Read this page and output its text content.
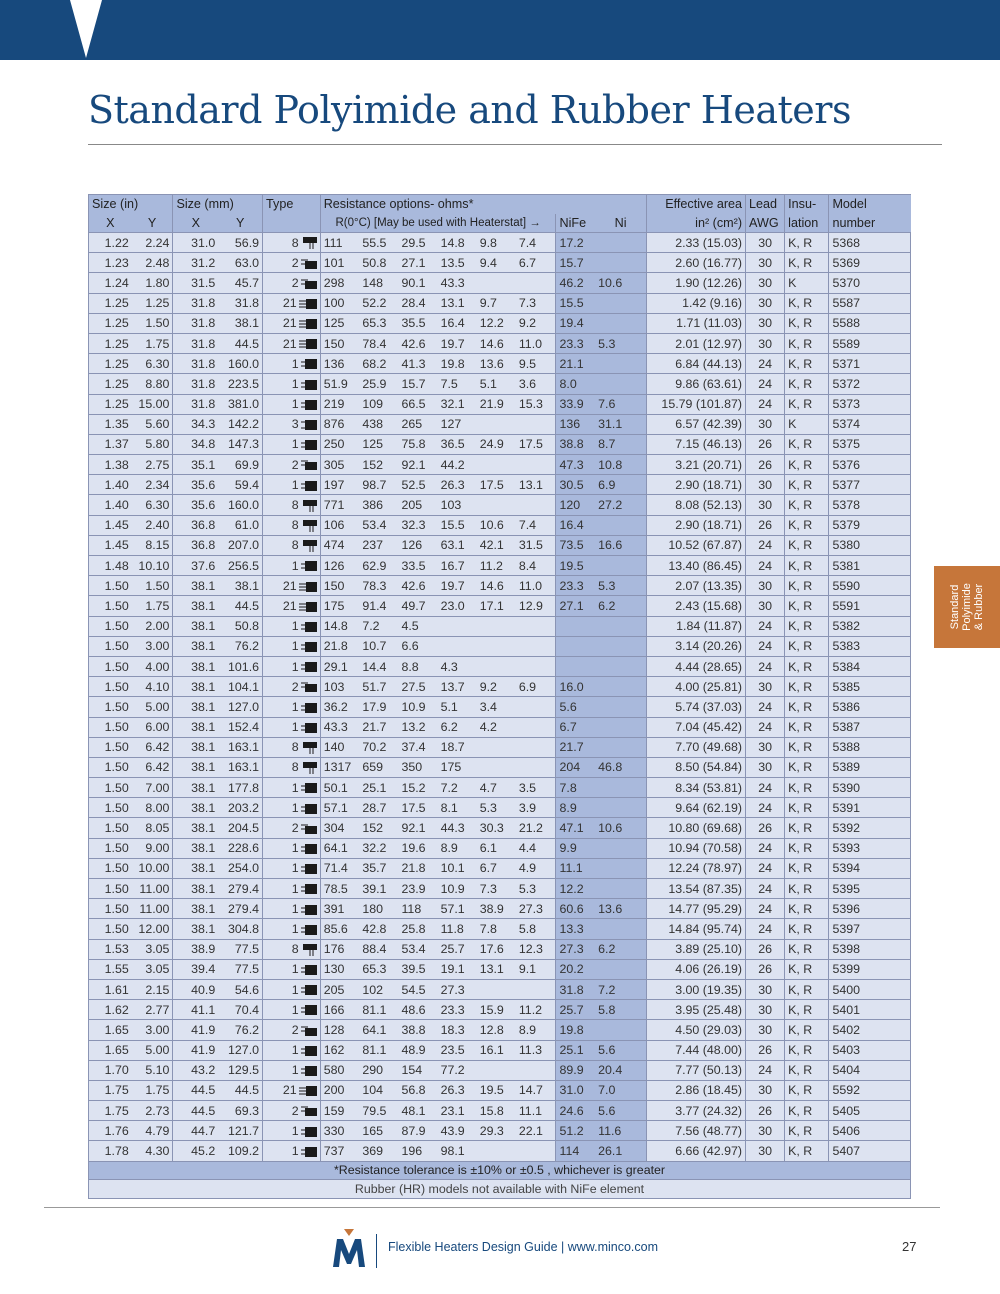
Standard Polyimide and Rubber Heaters
Standard Polyimide & Rubber
Size (in)		Size (mm)		Type	Resistance options- ohms*								Effective area	Lead	Insu-	Model
X	Y	X	Y		R(0°C) [May be used with Heaterstat] →						NiFe	Ni	in² (cm²)	AWG	lation	number
1.22	2.24	31.0	56.9	8	111	55.5	29.5	14.8	9.8	7.4	17.2		2.33 (15.03)	30	K, R	5368
1.23	2.48	31.2	63.0	2	101	50.8	27.1	13.5	9.4	6.7	15.7		2.60 (16.77)	30	K, R	5369
1.24	1.80	31.5	45.7	2	298	148	90.1	43.3			46.2	10.6	1.90 (12.26)	30	K	5370
1.25	1.25	31.8	31.8	21	100	52.2	28.4	13.1	9.7	7.3	15.5		1.42 (9.16)	30	K, R	5587
1.25	1.50	31.8	38.1	21	125	65.3	35.5	16.4	12.2	9.2	19.4		1.71 (11.03)	30	K, R	5588
1.25	1.75	31.8	44.5	21	150	78.4	42.6	19.7	14.6	11.0	23.3	5.3	2.01 (12.97)	30	K, R	5589
1.25	6.30	31.8	160.0	1	136	68.2	41.3	19.8	13.6	9.5	21.1		6.84 (44.13)	24	K, R	5371
1.25	8.80	31.8	223.5	1	51.9	25.9	15.7	7.5	5.1	3.6	8.0		9.86 (63.61)	24	K, R	5372
1.25	15.00	31.8	381.0	1	219	109	66.5	32.1	21.9	15.3	33.9	7.6	15.79 (101.87)	24	K, R	5373
1.35	5.60	34.3	142.2	3	876	438	265	127			136	31.1	6.57 (42.39)	30	K	5374
1.37	5.80	34.8	147.3	1	250	125	75.8	36.5	24.9	17.5	38.8	8.7	7.15 (46.13)	26	K, R	5375
1.38	2.75	35.1	69.9	2	305	152	92.1	44.2			47.3	10.8	3.21 (20.71)	26	K, R	5376
1.40	2.34	35.6	59.4	1	197	98.7	52.5	26.3	17.5	13.1	30.5	6.9	2.90 (18.71)	30	K, R	5377
1.40	6.30	35.6	160.0	8	771	386	205	103			120	27.2	8.08 (52.13)	30	K, R	5378
1.45	2.40	36.8	61.0	8	106	53.4	32.3	15.5	10.6	7.4	16.4		2.90 (18.71)	26	K, R	5379
1.45	8.15	36.8	207.0	8	474	237	126	63.1	42.1	31.5	73.5	16.6	10.52 (67.87)	24	K, R	5380
1.48	10.10	37.6	256.5	1	126	62.9	33.5	16.7	11.2	8.4	19.5		13.40 (86.45)	24	K, R	5381
1.50	1.50	38.1	38.1	21	150	78.3	42.6	19.7	14.6	11.0	23.3	5.3	2.07 (13.35)	30	K, R	5590
1.50	1.75	38.1	44.5	21	175	91.4	49.7	23.0	17.1	12.9	27.1	6.2	2.43 (15.68)	30	K, R	5591
1.50	2.00	38.1	50.8	1	14.8	7.2	4.5						1.84 (11.87)	24	K, R	5382
1.50	3.00	38.1	76.2	1	21.8	10.7	6.6						3.14 (20.26)	24	K, R	5383
1.50	4.00	38.1	101.6	1	29.1	14.4	8.8	4.3					4.44 (28.65)	24	K, R	5384
1.50	4.10	38.1	104.1	2	103	51.7	27.5	13.7	9.2	6.9	16.0		4.00 (25.81)	30	K, R	5385
1.50	5.00	38.1	127.0	1	36.2	17.9	10.9	5.1	3.4		5.6		5.74 (37.03)	24	K, R	5386
1.50	6.00	38.1	152.4	1	43.3	21.7	13.2	6.2	4.2		6.7		7.04 (45.42)	24	K, R	5387
1.50	6.42	38.1	163.1	8	140	70.2	37.4	18.7			21.7		7.70 (49.68)	30	K, R	5388
1.50	6.42	38.1	163.1	8	1317	659	350	175			204	46.8	8.50 (54.84)	30	K, R	5389
1.50	7.00	38.1	177.8	1	50.1	25.1	15.2	7.2	4.7	3.5	7.8		8.34 (53.81)	24	K, R	5390
1.50	8.00	38.1	203.2	1	57.1	28.7	17.5	8.1	5.3	3.9	8.9		9.64 (62.19)	24	K, R	5391
1.50	8.05	38.1	204.5	2	304	152	92.1	44.3	30.3	21.2	47.1	10.6	10.80 (69.68)	26	K, R	5392
1.50	9.00	38.1	228.6	1	64.1	32.2	19.6	8.9	6.1	4.4	9.9		10.94 (70.58)	24	K, R	5393
1.50	10.00	38.1	254.0	1	71.4	35.7	21.8	10.1	6.7	4.9	11.1		12.24 (78.97)	24	K, R	5394
1.50	11.00	38.1	279.4	1	78.5	39.1	23.9	10.9	7.3	5.3	12.2		13.54 (87.35)	24	K, R	5395
1.50	11.00	38.1	279.4	1	391	180	118	57.1	38.9	27.3	60.6	13.6	14.77 (95.29)	24	K, R	5396
1.50	12.00	38.1	304.8	1	85.6	42.8	25.8	11.8	7.8	5.8	13.3		14.84 (95.74)	24	K, R	5397
1.53	3.05	38.9	77.5	8	176	88.4	53.4	25.7	17.6	12.3	27.3	6.2	3.89 (25.10)	26	K, R	5398
1.55	3.05	39.4	77.5	1	130	65.3	39.5	19.1	13.1	9.1	20.2		4.06 (26.19)	26	K, R	5399
1.61	2.15	40.9	54.6	1	205	102	54.5	27.3			31.8	7.2	3.00 (19.35)	30	K, R	5400
1.62	2.77	41.1	70.4	1	166	81.1	48.6	23.3	15.9	11.2	25.7	5.8	3.95 (25.48)	30	K, R	5401
1.65	3.00	41.9	76.2	2	128	64.1	38.8	18.3	12.8	8.9	19.8		4.50 (29.03)	30	K, R	5402
1.65	5.00	41.9	127.0	1	162	81.1	48.9	23.5	16.1	11.3	25.1	5.6	7.44 (48.00)	26	K, R	5403
1.70	5.10	43.2	129.5	1	580	290	154	77.2			89.9	20.4	7.77 (50.13)	24	K, R	5404
1.75	1.75	44.5	44.5	21	200	104	56.8	26.3	19.5	14.7	31.0	7.0	2.86 (18.45)	30	K, R	5592
1.75	2.73	44.5	69.3	2	159	79.5	48.1	23.1	15.8	11.1	24.6	5.6	3.77 (24.32)	26	K, R	5405
1.76	4.79	44.7	121.7	1	330	165	87.9	43.9	29.3	22.1	51.2	11.6	7.56 (48.77)	30	K, R	5406
1.78	4.30	45.2	109.2	1	737	369	196	98.1			114	26.1	6.66 (42.97)	30	K, R	5407
*Resistance tolerance is ±10% or ±0.5 , whichever is greater
Rubber (HR) models not available with NiFe element
Flexible Heaters Design Guide | www.minco.com	27
